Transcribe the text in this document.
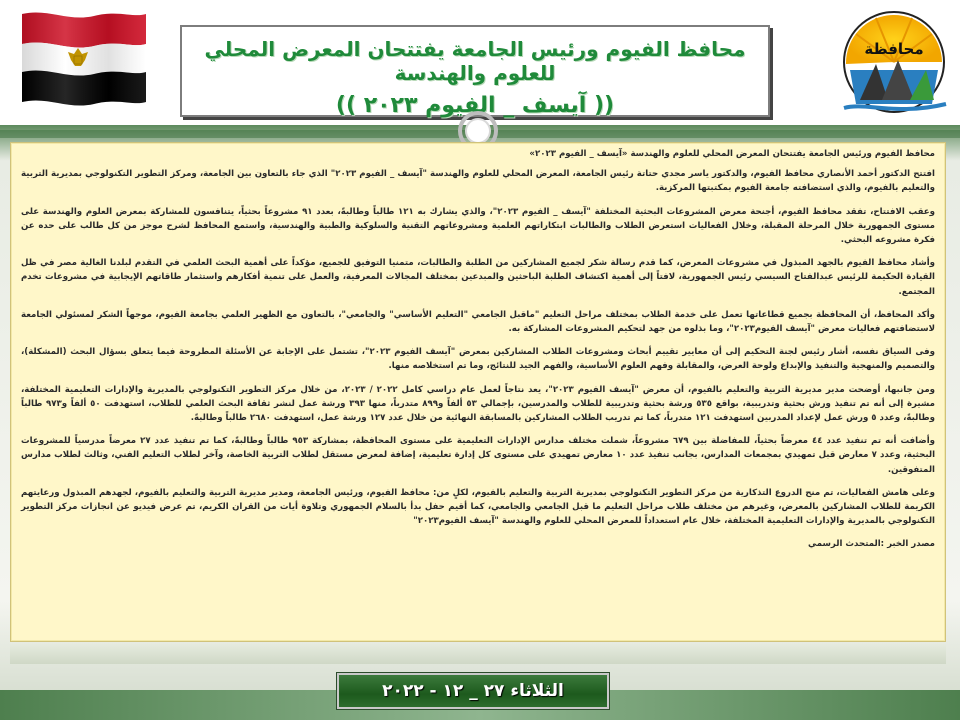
محافظة
محافظ الفيوم ورئيس الجامعة يفتتحان المعرض المحلي للعلوم والهندسة
(( آيسف _ الفيوم ٢٠٢٣ ))

محافظ الفيوم ورئيس الجامعة يفتتحان المعرض المحلي للعلوم والهندسة «آيسف _ الفيوم ٢٠٢٣»

افتتح الدكتور أحمد الأنصاري محافظ الفيوم، والدكتور ياسر مجدي حتاتة رئيس الجامعة، المعرض المحلي للعلوم والهندسة "آيسف _ الفيوم ٢٠٢٣" الذي جاء بالتعاون بين الجامعة، ومركز التطوير التكنولوجي بمديرية التربية والتعليم بالفيوم، والذي استضافته جامعة الفيوم بمكتبتها المركزية.

وعقب الافتتاح، تفقد محافظ الفيوم، أجنحة معرض المشروعات البحثية المختلفة "آيسف _ الفيوم ٢٠٢٣"، والذي يشارك به ١٢١ طالباً وطالبةً، بعدد ٩١ مشروعاً بحثياً، يتنافسون للمشاركة بمعرض العلوم والهندسة على مستوى الجمهورية خلال المرحلة المقبلة، وخلال الفعاليات استعرض الطلاب والطالبات ابتكاراتهم العلمية ومشروعاتهم التقنية والسلوكية والطبية والهندسية، واستمع المحافظ لشرح موجز من كل طالب على حده عن فكرة مشروعه البحثي.

وأشاد محافظ الفيوم بالجهد المبذول في مشروعات المعرض، كما قدم رسالة شكر لجميع المشاركين من الطلبة والطالبات، متمنيا التوفيق للجميع، مؤكداً على أهمية البحث العلمي في التقدم لبلدنا الغالية مصر في ظل القيادة الحكيمة للرئيس عبدالفتاح السيسي رئيس الجمهورية، لافتاً إلى أهمية اكتشاف الطلبة الباحثين والمبدعين بمختلف المجالات المعرفية، والعمل على تنمية أفكارهم واستثمار طاقاتهم الإيجابية في مشروعات تخدم المجتمع.

وأكد المحافظ، أن المحافظة بجميع قطاعاتها تعمل على خدمة الطلاب بمختلف مراحل التعليم "ماقبل الجامعي "التعليم الأساسي" والجامعي"، بالتعاون مع الظهير العلمي بجامعة الفيوم، موجهاً الشكر لمسئولي الجامعة لاستضافتهم فعاليات معرض "آيسف الفيوم٢٠٢٣"، وما بذلوه من جهد لتحكيم المشروعات المشاركة به.

وفى السياق نفسه، أشار رئيس لجنة التحكيم إلى أن معايير تقييم أبحاث ومشروعات الطلاب المشاركين بمعرض "آيسف الفيوم ٢٠٢٣"، تشتمل على الإجابة عن الأسئلة المطروحة فيما يتعلق بسؤال البحث (المشكلة)، والتصميم والمنهجية والتنفيذ والإبداع ولوحة العرض، والمقابلة وفهم العلوم الأساسية، والفهم الجيد للنتائج، وما تم استخلاصه منها.

ومن جانبها، أوضحت مدير مديرية التربية والتعليم بالفيوم، أن معرض "آيسف الفيوم ٢٠٢٣"، يعد نتاجاً لعمل عام دراسي كامل ٢٠٢٢ / ٢٠٢٣، من خلال مركز التطوير التكنولوجي بالمديرية والإدارات التعليمية المختلفة، مشيرة إلى أنه تم تنفيذ ورش بحثية وتدريبية، بواقع ٥٣٥ ورشة بحثية وتدريبية للطلاب والمدرسين، بإجمالي ٥٣ ألفاً و٨٩٩ متدرباً، منها ٣٩٣ ورشة عمل لنشر ثقافة البحث العلمي للطلاب، استهدفت ٥٠ ألفاً و٩٧٣ طالباً وطالبةً، وعدد ٥ ورش عمل لإعداد المدربين استهدفت ١٢١ متدرباً، كما تم تدريب الطلاب المشاركين بالمسابقة النهائية من خلال عدد ١٢٧ ورشة عمل، استهدفت ٢٦٨٠ طالباً وطالبةً.

وأضافت أنه تم تنفيذ عدد ٤٤ معرضاً بحثياً، للمفاضلة بين ٦٧٩ مشروعاً، شملت مختلف مدارس الإدارات التعليمية على مستوى المحافظة، بمشاركة ٩٥٣ طالباً وطالبةً، كما تم تنفيذ عدد ٢٧ معرضاً مدرسياً للمشروعات البحثية، وعدد ٧ معارض قبل تمهيدي بمجمعات المدارس، بجانب تنفيذ عدد ١٠ معارض تمهيدي على مستوى كل إدارة تعليمية، إضافة لمعرض مستقل لطلاب التربية الخاصة، وآخر لطلاب التعليم الفني، وثالث لطلاب مدارس المتفوقين.

وعلى هامش الفعاليات، تم منح الدروع التذكارية من مركز التطوير التكنولوجي بمديرية التربية والتعليم بالفيوم، لكلٍ من: محافظ الفيوم، ورئيس الجامعة، ومدير مديرية التربية والتعليم بالفيوم، لجهدهم المبذول ورعايتهم الكريمة للطلاب المشاركين بالمعرض، وغيرهم من مختلف طلاب مراحل التعليم ما قبل الجامعي والجامعي، كما أقيم حفل بدأ بالسلام الجمهوري وتلاوة أيات من القران الكريم، تم عرض فيديو عن انجازات مركز التطوير التكنولوجي بالمديرية والإدارات التعليمية المختلفة، خلال عام استعداداً للمعرض المحلي للعلوم والهندسة "آيسف الفيوم٢٠٢٣"

مصدر الخبر :المتحدث الرسمي

الثلاثاء ٢٧ _ ١٢ - ٢٠٢٢
